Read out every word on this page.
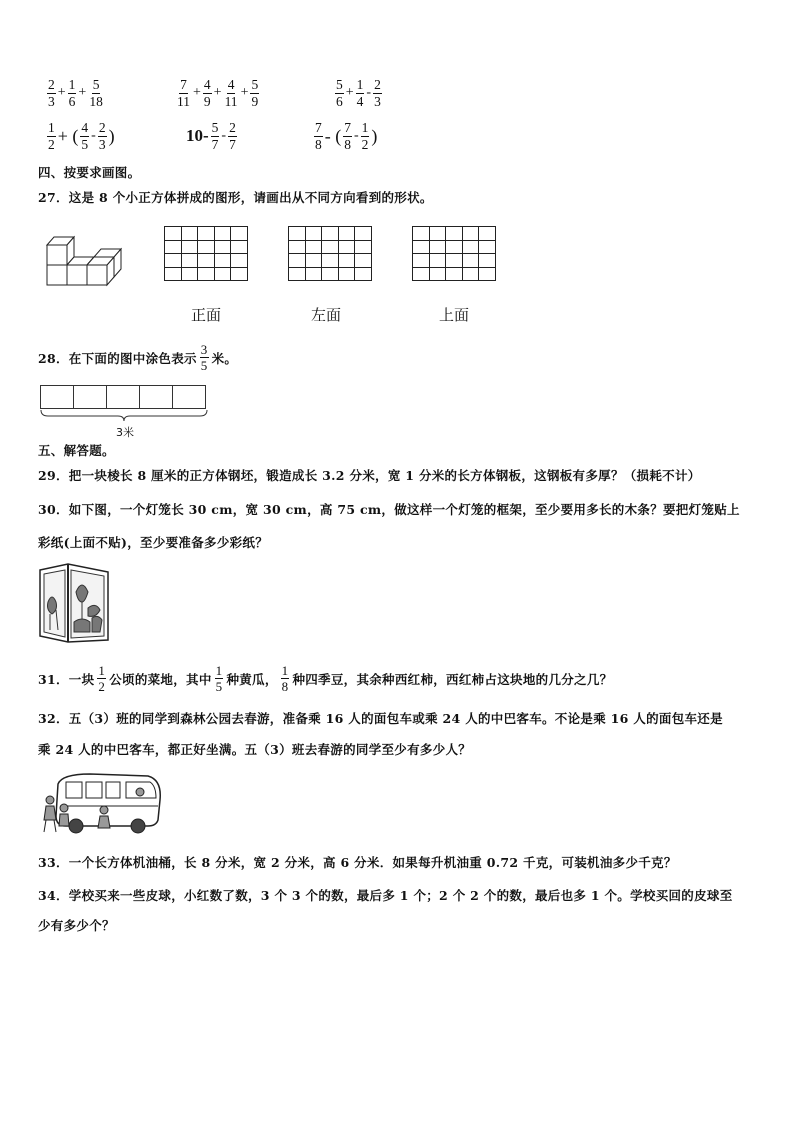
$\frac{2}{3} + \frac{1}{6} + \frac{5}{18}$	$\frac{7}{11} + \frac{4}{9} + \frac{4}{11} + \frac{5}{9}$	$\frac{5}{6} + \frac{1}{4} - \frac{2}{3}$
$\frac{1}{2}$ + ( $\frac{4}{5} - \frac{2}{3}$ )	$10- \frac{5}{7} - \frac{2}{7}$	$\frac{7}{8}$ - ( $\frac{7}{8} - \frac{1}{2}$ )
四、按要求画图。
27．这是 8 个小正方体拼成的图形，请画出从不同方向看到的形状。

正面	左面	上面
28．在下面的图中涂色表示 $\frac{3}{5}$ 米。
3米
五、解答题。
29．把一块棱长 8 厘米的正方体钢坯，锻造成长 3.2 分米，宽 1 分米的长方体钢板，这钢板有多厚？（损耗不计）
30．如下图，一个灯笼长 30 cm，宽 30 cm，高 75 cm，做这样一个灯笼的框架，至少要用多长的木条？要把灯笼贴上
彩纸(上面不贴)，至少要准备多少彩纸？
31．一块 $\frac{1}{2}$ 公顷的菜地，其中 $\frac{1}{5}$ 种黄瓜， $\frac{1}{8}$ 种四季豆，其余种西红柿，西红柿占这块地的几分之几？
32．五（3）班的同学到森林公园去春游，准备乘 16 人的面包车或乘 24 人的中巴客车。不论是乘 16 人的面包车还是
乘 24 人的中巴客车，都正好坐满。五（3）班去春游的同学至少有多少人？
33．一个长方体机油桶，长 8 分米，宽 2 分米，高 6 分米．如果每升机油重 0.72 千克，可装机油多少千克？
34．学校买来一些皮球，小红数了数，3 个 3 个的数，最后多 1 个；2 个 2 个的数，最后也多 1 个。学校买回的皮球至
少有多少个？
